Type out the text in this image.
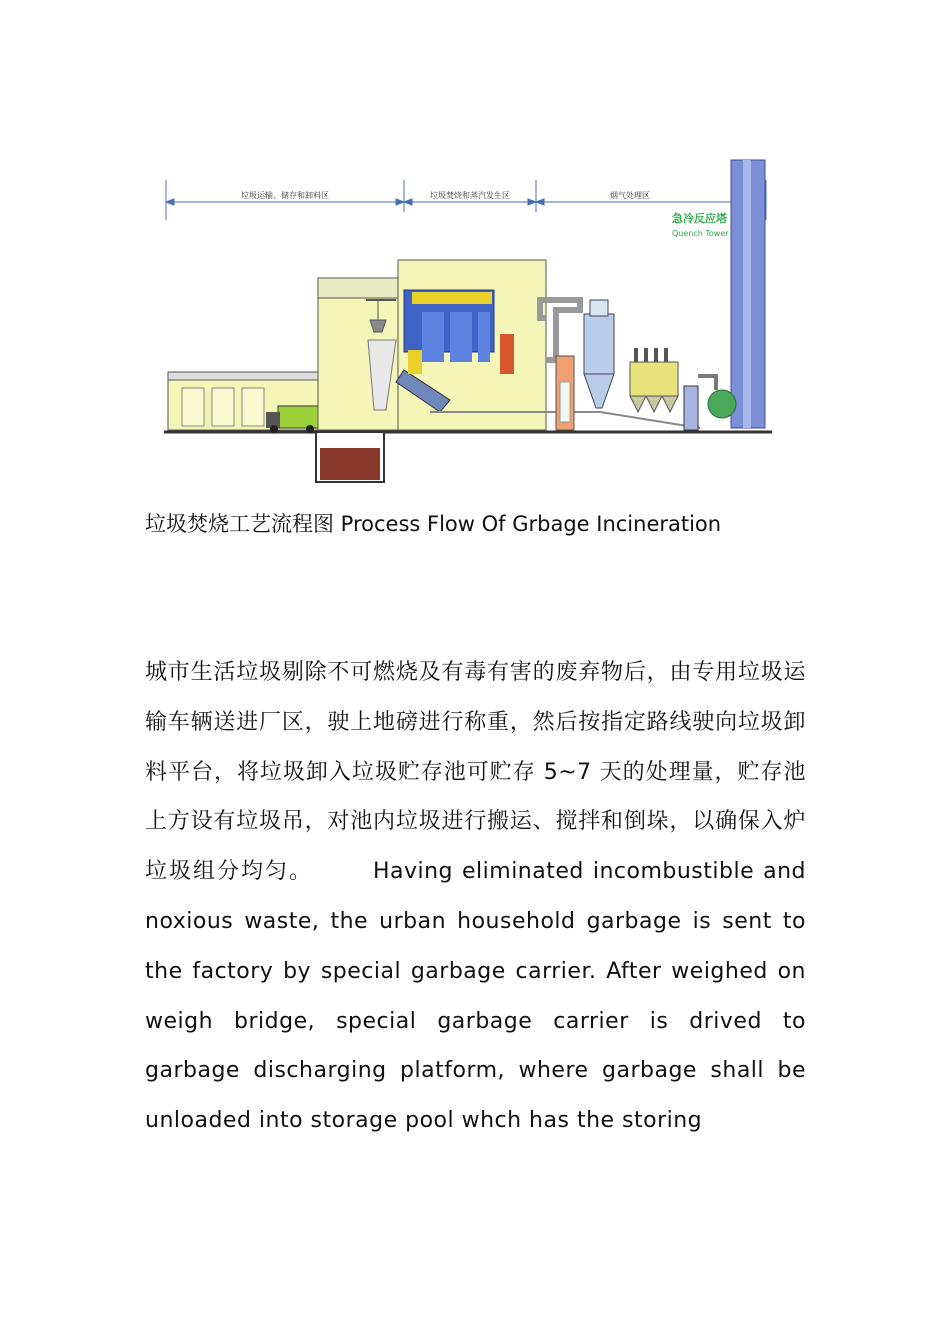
垃圾运输、储存和卸料区	垃圾焚烧和蒸汽发生区	烟气处理区
急冷反应塔
Quench Tower
垃圾焚烧工艺流程图 Process Flow Of Grbage Incineration
城市生活垃圾剔除不可燃烧及有毒有害的废弃物后，由专用垃圾运输车辆送进厂区，驶上地磅进行称重，然后按指定路线驶向垃圾卸料平台，将垃圾卸入垃圾贮存池可贮存 5~7 天的处理量，贮存池上方设有垃圾吊，对池内垃圾进行搬运、搅拌和倒垛，以确保入炉垃圾组分均匀。	Having eliminated incombustible and noxious waste, the urban household garbage is sent to the factory by special garbage carrier. After weighed on weigh bridge, special garbage carrier is drived to garbage discharging platform, where garbage shall be unloaded into storage pool whch has the storing
